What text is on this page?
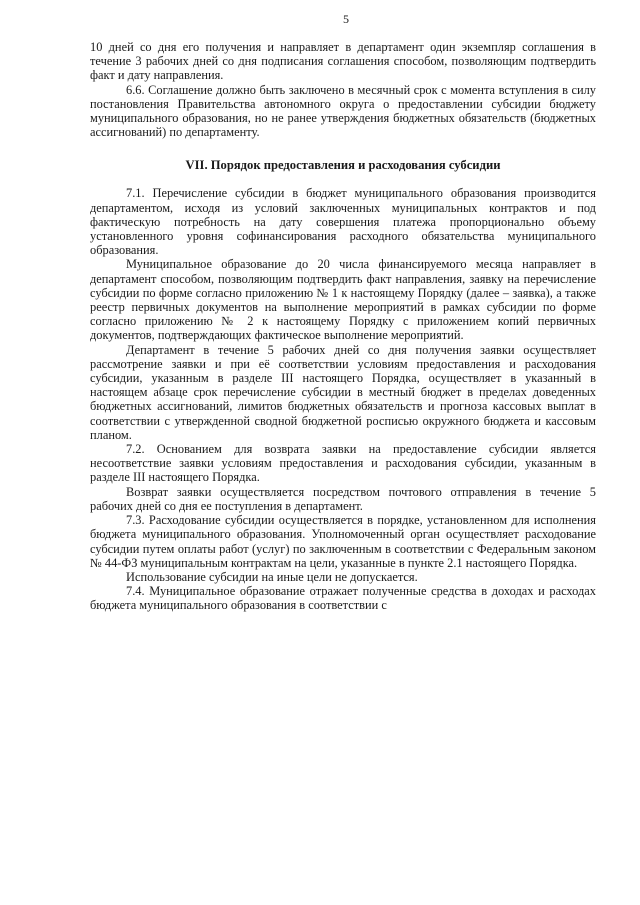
5

10 дней со дня его получения и направляет в департамент один экземпляр соглашения в течение 3 рабочих дней со дня подписания соглашения способом, позволяющим подтвердить факт и дату направления.

6.6. Соглашение должно быть заключено в месячный срок с момента вступления в силу постановления Правительства автономного округа о предоставлении субсидии бюджету муниципального образования, но не ранее утверждения бюджетных обязательств (бюджетных ассигнований) по департаменту.

VII. Порядок предоставления и расходования субсидии

7.1. Перечисление субсидии в бюджет муниципального образования производится департаментом, исходя из условий заключенных муниципальных контрактов и под фактическую потребность на дату совершения платежа пропорционально объему установленного уровня софинансирования расходного обязательства муниципального образования.

Муниципальное образование до 20 числа финансируемого месяца направляет в департамент способом, позволяющим подтвердить факт направления, заявку на перечисление субсидии по форме согласно приложению № 1 к настоящему Порядку (далее – заявка), а также реестр первичных документов на выполнение мероприятий в рамках субсидии по форме согласно приложению № 2 к настоящему Порядку с приложением копий первичных документов, подтверждающих фактическое выполнение мероприятий.

Департамент в течение 5 рабочих дней со дня получения заявки осуществляет рассмотрение заявки и при её соответствии условиям предоставления и расходования субсидии, указанным в разделе III настоящего Порядка, осуществляет в указанный в настоящем абзаце срок перечисление субсидии в местный бюджет в пределах доведенных бюджетных ассигнований, лимитов бюджетных обязательств и прогноза кассовых выплат в соответствии с утвержденной сводной бюджетной росписью окружного бюджета и кассовым планом.

7.2. Основанием для возврата заявки на предоставление субсидии является несоответствие заявки условиям предоставления и расходования субсидии, указанным в разделе III настоящего Порядка.

Возврат заявки осуществляется посредством почтового отправления в течение 5 рабочих дней со дня ее поступления в департамент.

7.3. Расходование субсидии осуществляется в порядке, установленном для исполнения бюджета муниципального образования. Уполномоченный орган осуществляет расходование субсидии путем оплаты работ (услуг) по заключенным в соответствии с Федеральным законом № 44-ФЗ муниципальным контрактам на цели, указанные в пункте 2.1 настоящего Порядка.

Использование субсидии на иные цели не допускается.

7.4. Муниципальное образование отражает полученные средства в доходах и расходах бюджета муниципального образования в соответствии с
